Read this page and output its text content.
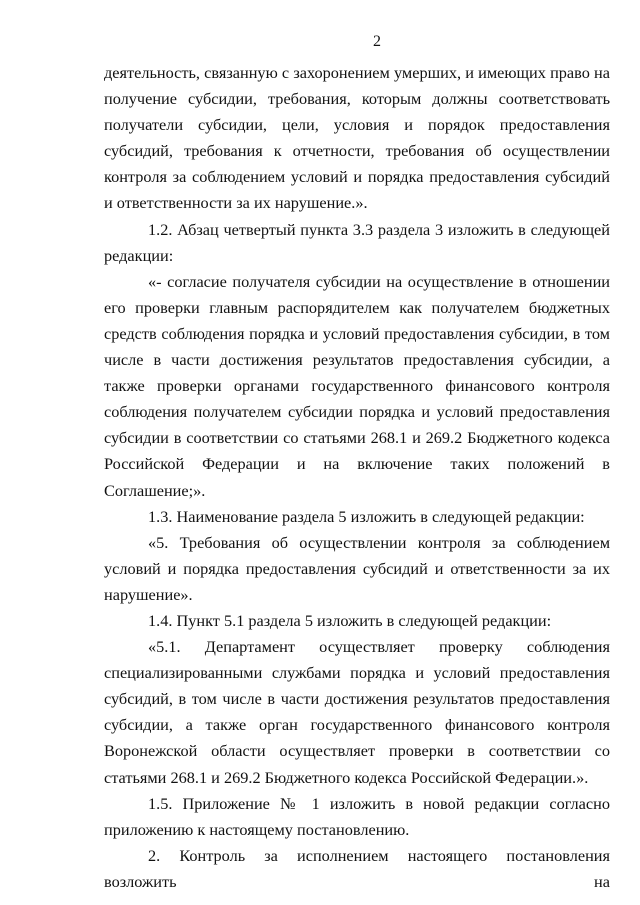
2

деятельность, связанную с захоронением умерших, и имеющих право на получение субсидии, требования, которым должны соответствовать получатели субсидии, цели, условия и порядок предоставления субсидий, требования к отчетности, требования об осуществлении контроля за соблюдением условий и порядка предоставления субсидий и ответственности за их нарушение.».

1.2. Абзац четвертый пункта 3.3 раздела 3 изложить в следующей редакции:

«- согласие получателя субсидии на осуществление в отношении его проверки главным распорядителем как получателем бюджетных средств соблюдения порядка и условий предоставления субсидии, в том числе в части достижения результатов предоставления субсидии, а также проверки органами государственного финансового контроля соблюдения получателем субсидии порядка и условий предоставления субсидии в соответствии со статьями 268.1 и 269.2 Бюджетного кодекса Российской Федерации и на включение таких положений в Соглашение;».

1.3. Наименование раздела 5 изложить в следующей редакции:

«5. Требования об осуществлении контроля за соблюдением условий и порядка предоставления субсидий и ответственности за их нарушение».

1.4. Пункт 5.1 раздела 5 изложить в следующей редакции:

«5.1. Департамент осуществляет проверку соблюдения специализированными службами порядка и условий предоставления субсидий, в том числе в части достижения результатов предоставления субсидии, а также орган государственного финансового контроля Воронежской области осуществляет проверки в соответствии со статьями 268.1 и 269.2 Бюджетного кодекса Российской Федерации.».

1.5. Приложение № 1 изложить в новой редакции согласно приложению к настоящему постановлению.

2. Контроль за исполнением настоящего постановления возложить на
